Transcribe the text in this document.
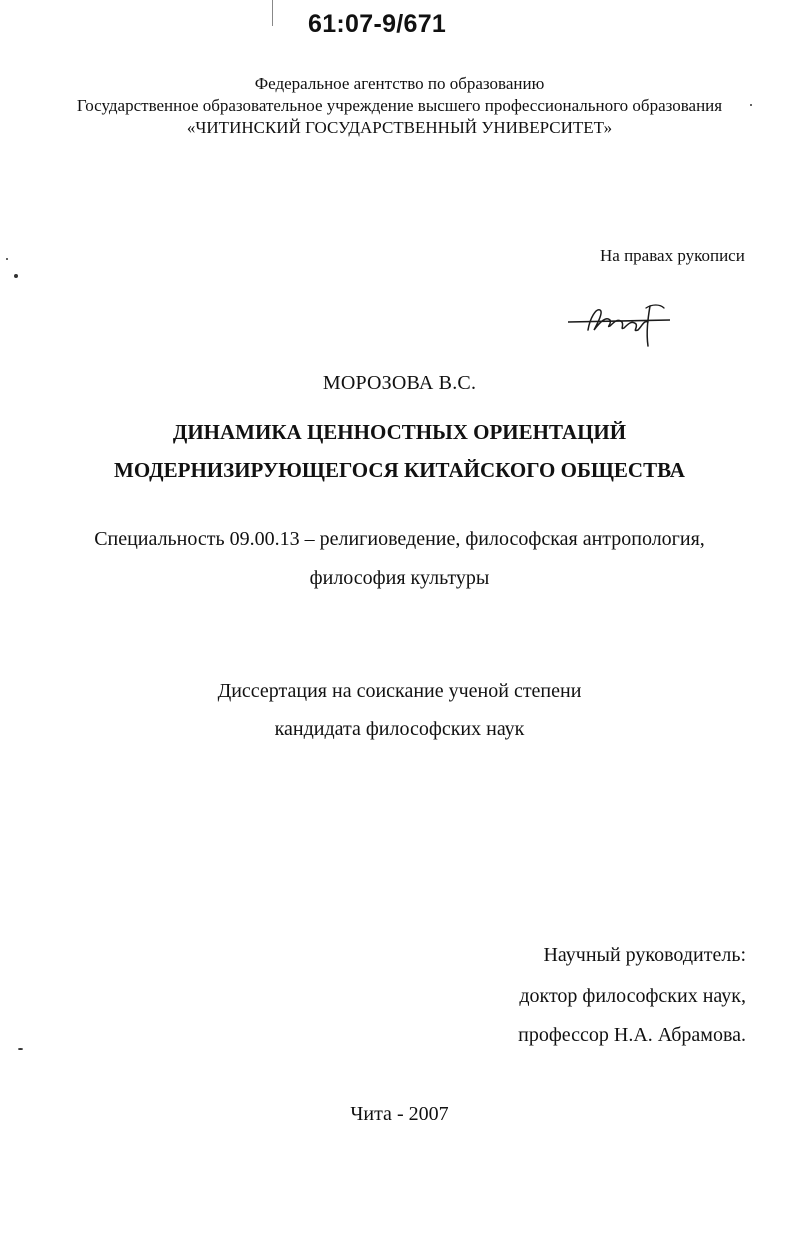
61:07-9/671
Федеральное агентство по образованию
Государственное образовательное учреждение высшего профессионального образования
«ЧИТИНСКИЙ ГОСУДАРСТВЕННЫЙ УНИВЕРСИТЕТ»
На правах рукописи
МОРОЗОВА В.С.
ДИНАМИКА ЦЕННОСТНЫХ ОРИЕНТАЦИЙ
МОДЕРНИЗИРУЮЩЕГОСЯ КИТАЙСКОГО ОБЩЕСТВА
Специальность 09.00.13 – религиоведение, философская антропология,
философия культуры
Диссертация на соискание ученой степени
кандидата философских наук
Научный руководитель:
доктор философских наук,
профессор Н.А. Абрамова.
Чита - 2007
